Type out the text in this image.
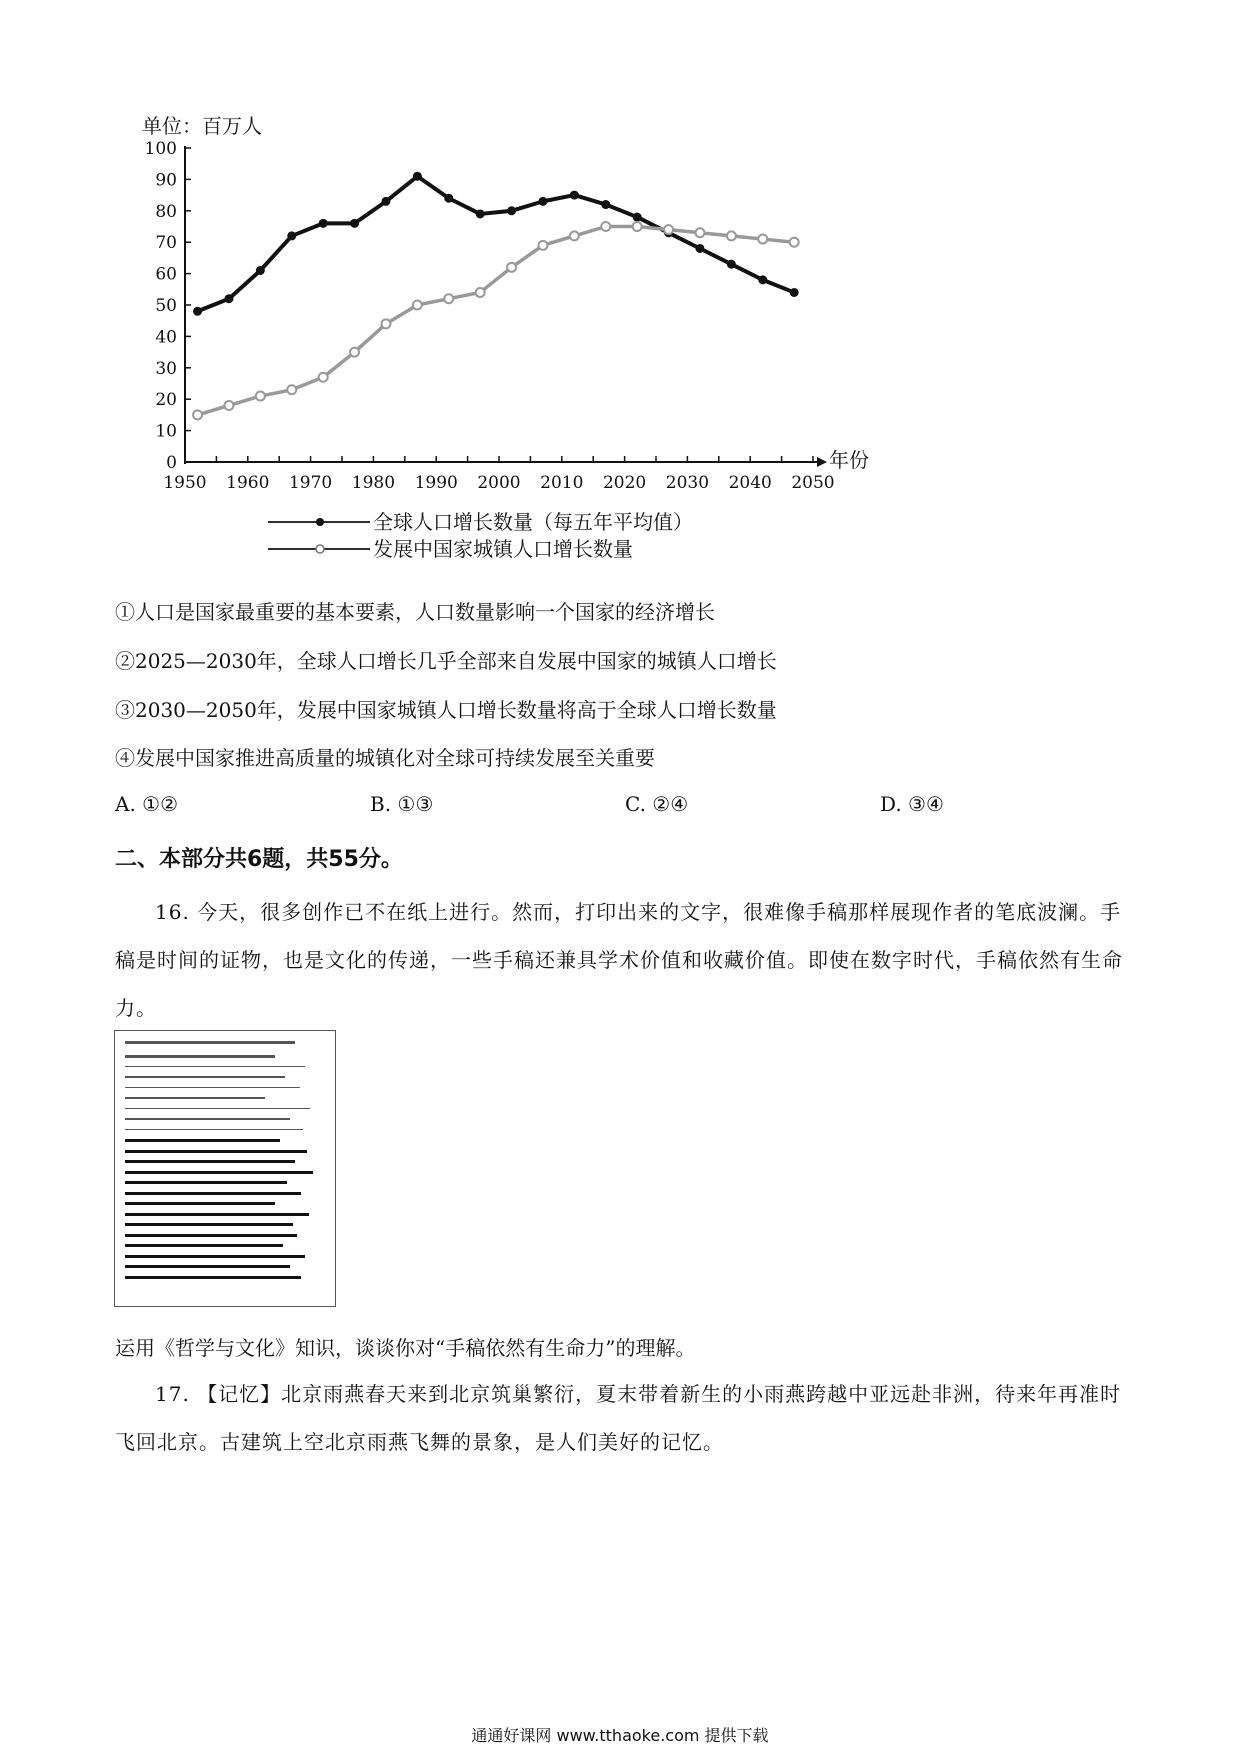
单位：百万人
年份
0
10
20
30
40
50
60
70
80
90
100
1950 1960 1970 1980 1990 2000 2010 2020 2030 2040 2050
全球人口增长数量（每五年平均值）
发展中国家城镇人口增长数量
①人口是国家最重要的基本要素，人口数量影响一个国家的经济增长
②2025—2030年，全球人口增长几乎全部来自发展中国家的城镇人口增长
③2030—2050年，发展中国家城镇人口增长数量将高于全球人口增长数量
④发展中国家推进高质量的城镇化对全球可持续发展至关重要
A. ①②	B. ①③	C. ②④	D. ③④
二、本部分共6题，共55分。
16. 今天，很多创作已不在纸上进行。然而，打印出来的文字，很难像手稿那样展现作者的笔底波澜。手稿是时间的证物，也是文化的传递，一些手稿还兼具学术价值和收藏价值。即使在数字时代，手稿依然有生命力。
运用《哲学与文化》知识，谈谈你对“手稿依然有生命力”的理解。
17. 【记忆】北京雨燕春天来到北京筑巢繁衍，夏末带着新生的小雨燕跨越中亚远赴非洲，待来年再准时飞回北京。古建筑上空北京雨燕飞舞的景象，是人们美好的记忆。
通通好课网 www.tthaoke.com 提供下载
